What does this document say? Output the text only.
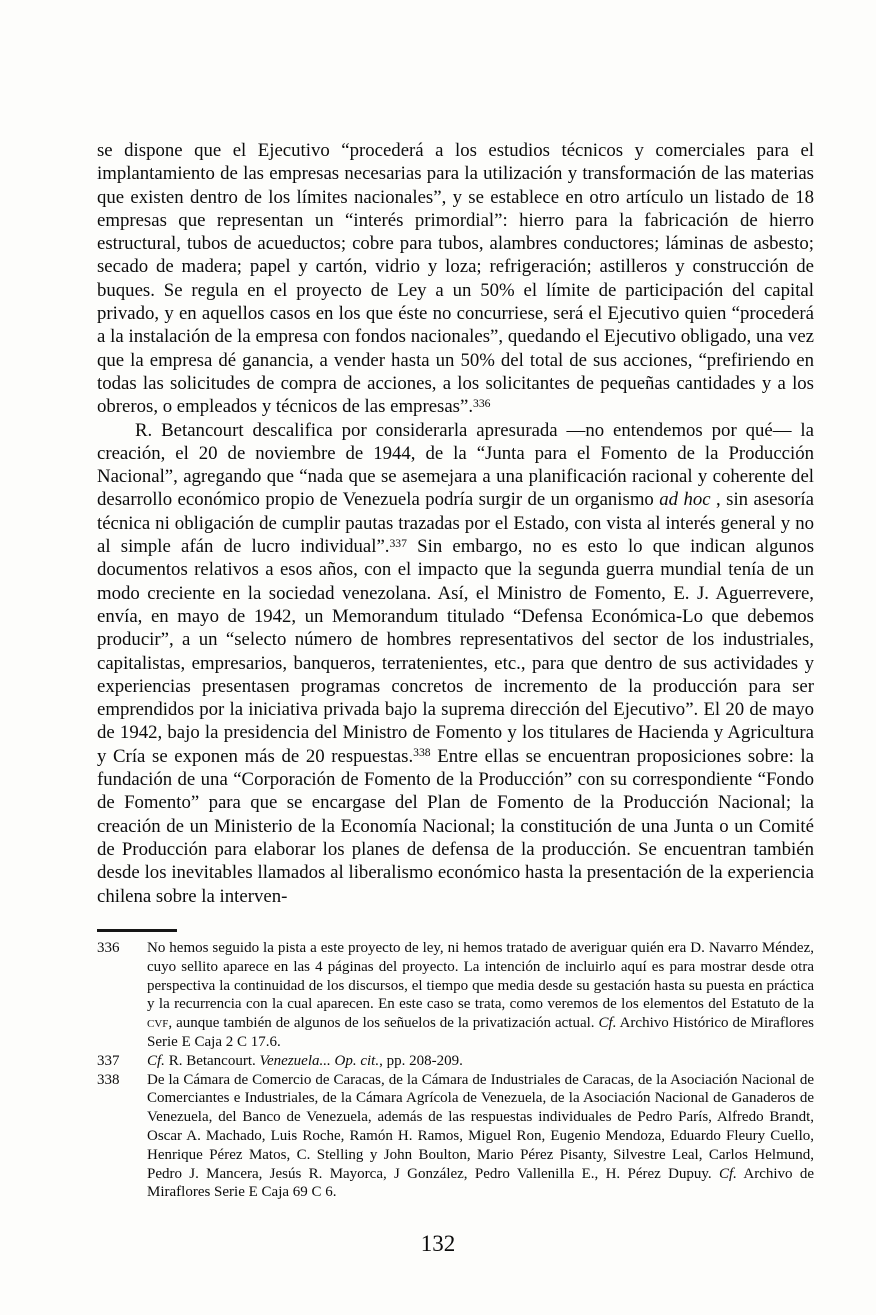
se dispone que el Ejecutivo “procederá a los estudios técnicos y comerciales para el implantamiento de las empresas necesarias para la utilización y transformación de las materias que existen dentro de los límites nacionales”, y se establece en otro artículo un listado de 18 empresas que representan un “interés primordial”: hierro para la fabricación de hierro estructural, tubos de acueductos; cobre para tubos, alambres conductores; láminas de asbesto; secado de madera; papel y cartón, vidrio y loza; refrigeración; astilleros y construcción de buques. Se regula en el proyecto de Ley a un 50% el límite de participación del capital privado, y en aquellos casos en los que éste no concurriese, será el Ejecutivo quien “procederá a la instalación de la empresa con fondos nacionales”, quedando el Ejecutivo obligado, una vez que la empresa dé ganancia, a vender hasta un 50% del total de sus acciones, “prefiriendo en todas las solicitudes de compra de acciones, a los solicitantes de pequeñas cantidades y a los obreros, o empleados y técnicos de las empresas”.$^{336}$

R. Betancourt descalifica por considerarla apresurada —no entendemos por qué— la creación, el 20 de noviembre de 1944, de la “Junta para el Fomento de la Producción Nacional”, agregando que “nada que se asemejara a una planificación racional y coherente del desarrollo económico propio de Venezuela podría surgir de un organismo ad hoc , sin asesoría técnica ni obligación de cumplir pautas trazadas por el Estado, con vista al interés general y no al simple afán de lucro individual”.$^{337}$ Sin embargo, no es esto lo que indican algunos documentos relativos a esos años, con el impacto que la segunda guerra mundial tenía de un modo creciente en la sociedad venezolana. Así, el Ministro de Fomento, E. J. Aguerrevere, envía, en mayo de 1942, un Memorandum titulado “Defensa Económica-Lo que debemos producir”, a un “selecto número de hombres representativos del sector de los industriales, capitalistas, empresarios, banqueros, terratenientes, etc., para que dentro de sus actividades y experiencias presentasen programas concretos de incremento de la producción para ser emprendidos por la iniciativa privada bajo la suprema dirección del Ejecutivo”. El 20 de mayo de 1942, bajo la presidencia del Ministro de Fomento y los titulares de Hacienda y Agricultura y Cría se exponen más de 20 respuestas.$^{338}$ Entre ellas se encuentran proposiciones sobre: la fundación de una “Corporación de Fomento de la Producción” con su correspondiente “Fondo de Fomento” para que se encargase del Plan de Fomento de la Producción Nacional; la creación de un Ministerio de la Economía Nacional; la constitución de una Junta o un Comité de Producción para elaborar los planes de defensa de la producción. Se encuentran también desde los inevitables llamados al liberalismo económico hasta la presentación de la experiencia chilena sobre la interven-

336	No hemos seguido la pista a este proyecto de ley, ni hemos tratado de averiguar quién era D. Navarro Méndez, cuyo sellito aparece en las 4 páginas del proyecto. La intención de incluirlo aquí es para mostrar desde otra perspectiva la continuidad de los discursos, el tiempo que media desde su gestación hasta su puesta en práctica y la recurrencia con la cual aparecen. En este caso se trata, como veremos de los elementos del Estatuto de la cvf, aunque también de algunos de los señuelos de la privatización actual. Cf. Archivo Histórico de Miraflores Serie E Caja 2 C 17.6.
337	Cf. R. Betancourt. Venezuela... Op. cit., pp. 208-209.
338	De la Cámara de Comercio de Caracas, de la Cámara de Industriales de Caracas, de la Asociación Nacional de Comerciantes e Industriales, de la Cámara Agrícola de Venezuela, de la Asociación Nacional de Ganaderos de Venezuela, del Banco de Venezuela, además de las respuestas individuales de Pedro París, Alfredo Brandt, Oscar A. Machado, Luis Roche, Ramón H. Ramos, Miguel Ron, Eugenio Mendoza, Eduardo Fleury Cuello, Henrique Pérez Matos, C. Stelling y John Boulton, Mario Pérez Pisanty, Silvestre Leal, Carlos Helmund, Pedro J. Mancera, Jesús R. Mayorca, J González, Pedro Vallenilla E., H. Pérez Dupuy. Cf. Archivo de Miraflores Serie E Caja 69 C 6.
132
